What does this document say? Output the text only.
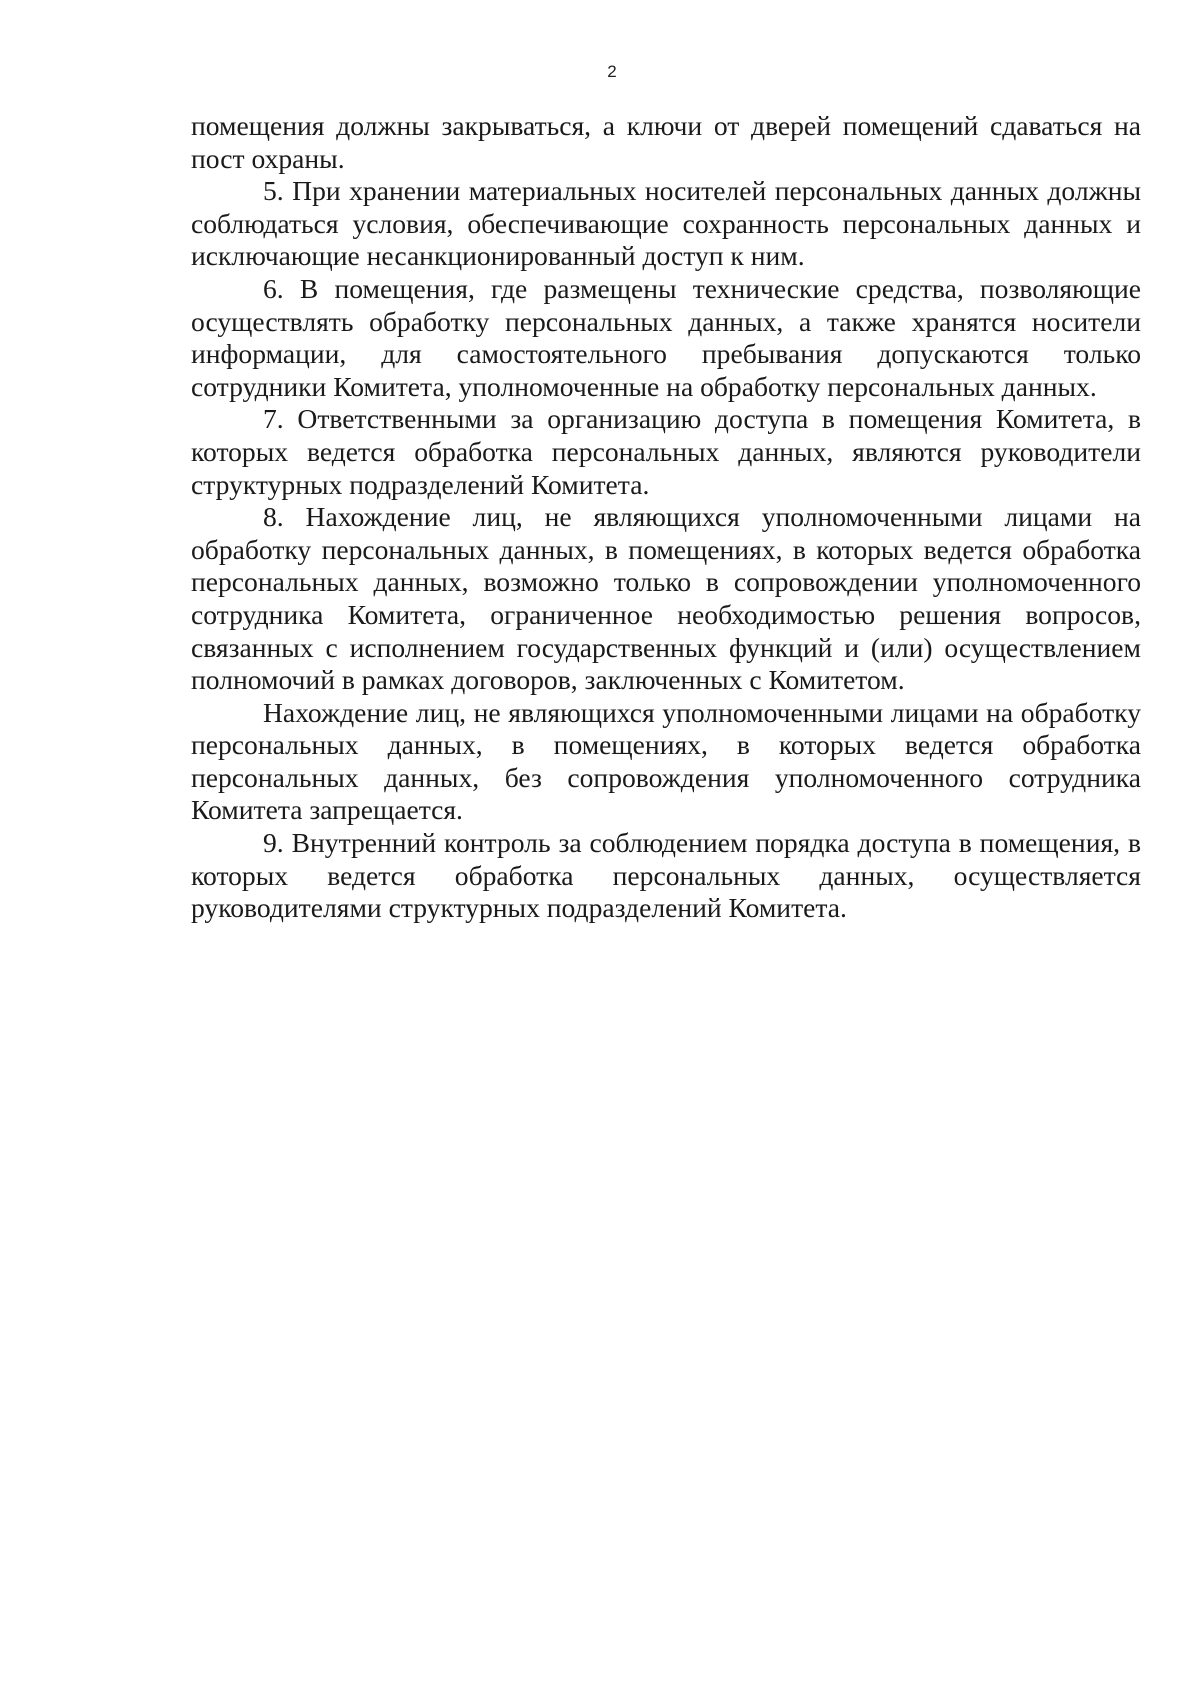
2

помещения должны закрываться, а ключи от дверей помещений сдаваться на пост охраны.

5. При хранении материальных носителей персональных данных должны соблюдаться условия, обеспечивающие сохранность персональных данных и исключающие несанкционированный доступ к ним.

6. В помещения, где размещены технические средства, позволяющие осуществлять обработку персональных данных, а также хранятся носители информации, для самостоятельного пребывания допускаются только сотрудники Комитета, уполномоченные на обработку персональных данных.

7. Ответственными за организацию доступа в помещения Комитета, в которых ведется обработка персональных данных, являются руководители структурных подразделений Комитета.

8. Нахождение лиц, не являющихся уполномоченными лицами на обработку персональных данных, в помещениях, в которых ведется обработка персональных данных, возможно только в сопровождении уполномоченного сотрудника Комитета, ограниченное необходимостью решения вопросов, связанных с исполнением государственных функций и (или) осуществлением полномочий в рамках договоров, заключенных с Комитетом.

Нахождение лиц, не являющихся уполномоченными лицами на обработку персональных данных, в помещениях, в которых ведется обработка персональных данных, без сопровождения уполномоченного сотрудника Комитета запрещается.

9. Внутренний контроль за соблюдением порядка доступа в помещения, в которых ведется обработка персональных данных, осуществляется руководителями структурных подразделений Комитета.
